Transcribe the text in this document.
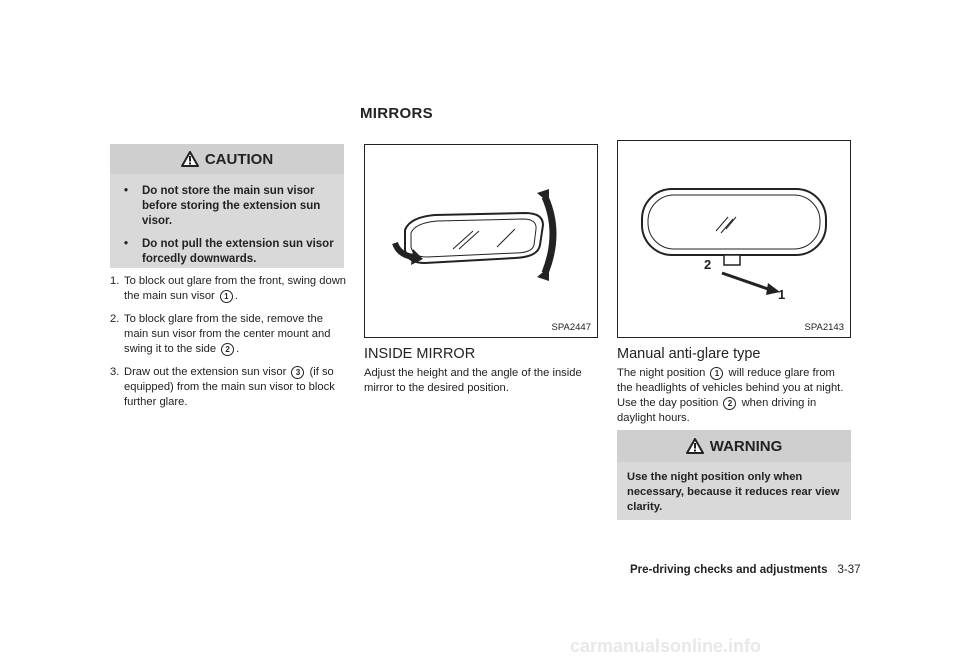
MIRRORS
CAUTION
• Do not store the main sun visor before storing the extension sun visor.
• Do not pull the extension sun visor forcedly downwards.
1. To block out glare from the front, swing down the main sun visor 1 .
2. To block glare from the side, remove the main sun visor from the center mount and swing it to the side 2 .
3. Draw out the extension sun visor 3 (if so equipped) from the main sun visor to block further glare.
SPA2447
2
1
SPA2143
INSIDE MIRROR
Adjust the height and the angle of the inside mirror to the desired position.
Manual anti-glare type
The night position 1 will reduce glare from the headlights of vehicles behind you at night.
Use the day position 2 when driving in daylight hours.
WARNING
Use the night position only when necessary, because it reduces rear view clarity.
Pre-driving checks and adjustments 3-37
carmanualsonline.info
